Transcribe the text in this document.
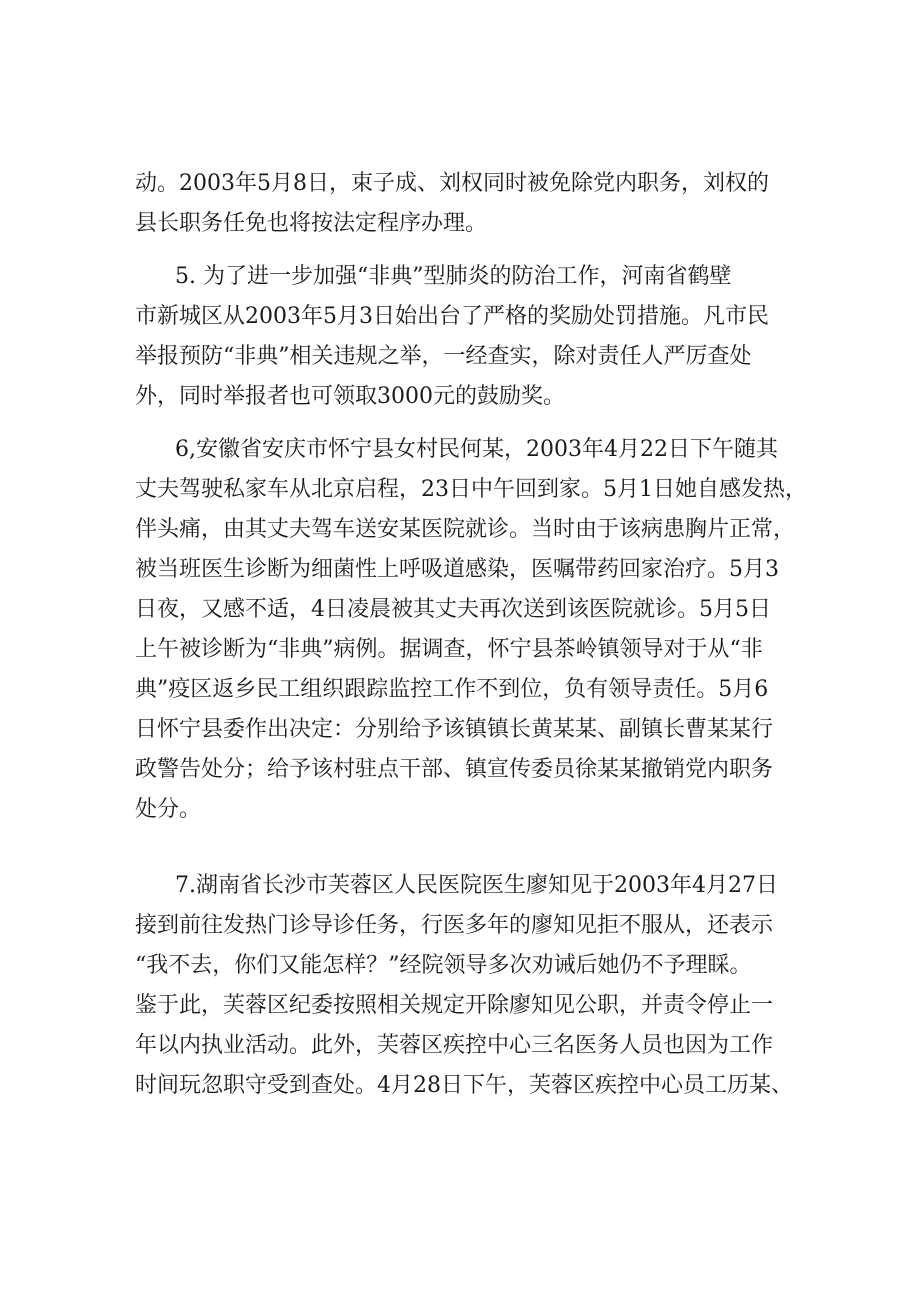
动。2003年5月8日，束子成、刘权同时被免除党内职务，刘权的
县长职务任免也将按法定程序办理。
5. 为了进一步加强“非典”型肺炎的防治工作，河南省鹤壁
市新城区从2003年5月3日始出台了严格的奖励处罚措施。凡市民
举报预防“非典”相关违规之举，一经查实，除对责任人严厉查处
外，同时举报者也可领取3000元的鼓励奖。
6,安徽省安庆市怀宁县女村民何某，2003年4月22日下午随其
丈夫驾驶私家车从北京启程，23日中午回到家。5月1日她自感发热，
伴头痛，由其丈夫驾车送安某医院就诊。当时由于该病患胸片正常，
被当班医生诊断为细菌性上呼吸道感染，医嘱带药回家治疗。5月3
日夜，又感不适，4日凌晨被其丈夫再次送到该医院就诊。5月5日
上午被诊断为“非典”病例。据调查，怀宁县茶岭镇领导对于从“非
典”疫区返乡民工组织跟踪监控工作不到位，负有领导责任。5月6
日怀宁县委作出决定：分别给予该镇镇长黄某某、副镇长曹某某行
政警告处分；给予该村驻点干部、镇宣传委员徐某某撤销党内职务
处分。
7.湖南省长沙市芙蓉区人民医院医生廖知见于2003年4月27日
接到前往发热门诊导诊任务，行医多年的廖知见拒不服从，还表示
“我不去，你们又能怎样？”经院领导多次劝诫后她仍不予理睬。
鉴于此，芙蓉区纪委按照相关规定开除廖知见公职，并责令停止一
年以内执业活动。此外，芙蓉区疾控中心三名医务人员也因为工作
时间玩忽职守受到查处。4月28日下午，芙蓉区疾控中心员工历某、
